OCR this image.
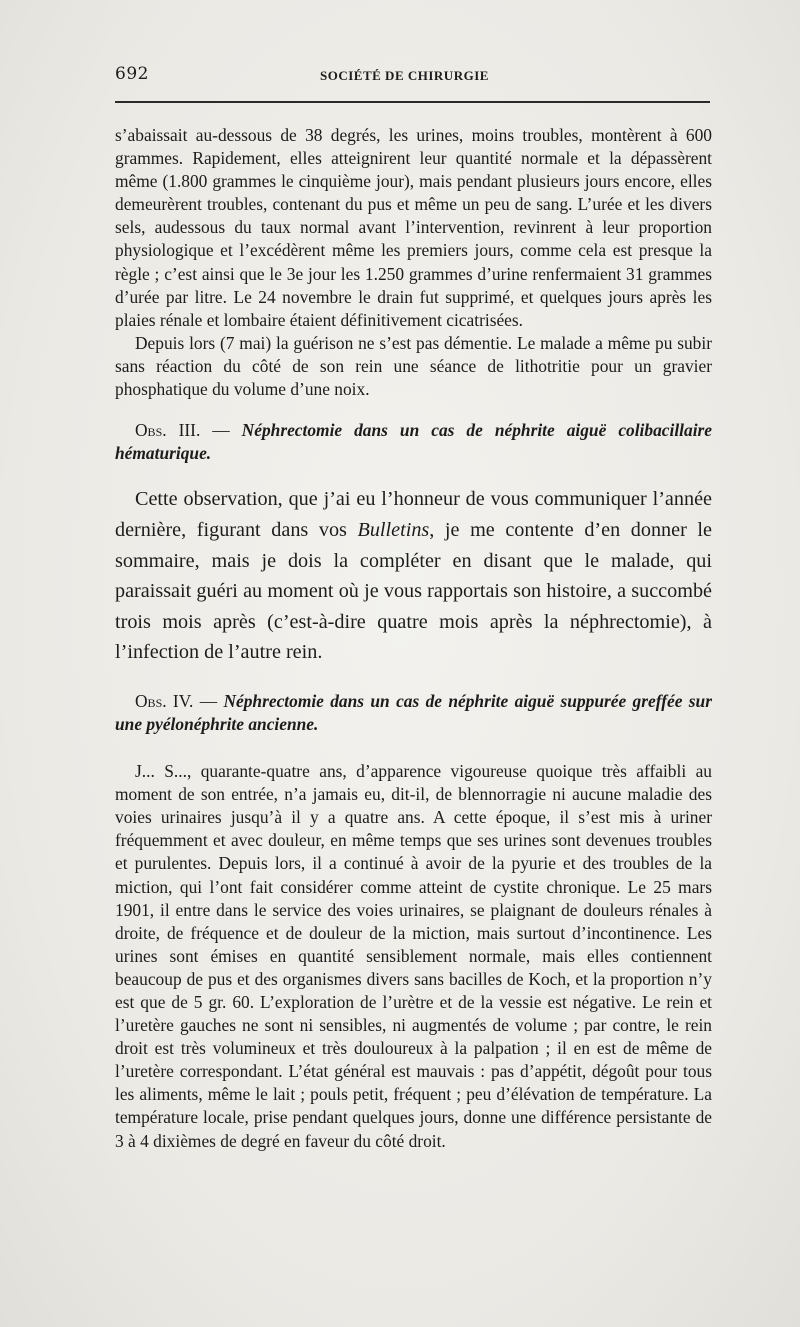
692	SOCIÉTÉ DE CHIRURGIE

s’abaissait au-dessous de 38 degrés, les urines, moins troubles, montèrent à 600 grammes. Rapidement, elles atteignirent leur quantité normale et la dépassèrent même (1.800 grammes le cinquième jour), mais pendant plusieurs jours encore, elles demeurèrent troubles, contenant du pus et même un peu de sang. L’urée et les divers sels, audessous du taux normal avant l’intervention, revinrent à leur proportion physiologique et l’excédèrent même les premiers jours, comme cela est presque la règle ; c’est ainsi que le 3e jour les 1.250 grammes d’urine renfermaient 31 grammes d’urée par litre. Le 24 novembre le drain fut supprimé, et quelques jours après les plaies rénale et lombaire étaient définitivement cicatrisées.

Depuis lors (7 mai) la guérison ne s’est pas démentie. Le malade a même pu subir sans réaction du côté de son rein une séance de lithotritie pour un gravier phosphatique du volume d’une noix.

Obs. III. — Néphrectomie dans un cas de néphrite aiguë colibacillaire hématurique.

Cette observation, que j’ai eu l’honneur de vous communiquer l’année dernière, figurant dans vos Bulletins, je me contente d’en donner le sommaire, mais je dois la compléter en disant que le malade, qui paraissait guéri au moment où je vous rapportais son histoire, a succombé trois mois après (c’est-à-dire quatre mois après la néphrectomie), à l’infection de l’autre rein.

Obs. IV. — Néphrectomie dans un cas de néphrite aiguë suppurée greffée sur une pyélonéphrite ancienne.

J... S..., quarante-quatre ans, d’apparence vigoureuse quoique très affaibli au moment de son entrée, n’a jamais eu, dit-il, de blennorragie ni aucune maladie des voies urinaires jusqu’à il y a quatre ans. A cette époque, il s’est mis à uriner fréquemment et avec douleur, en même temps que ses urines sont devenues troubles et purulentes. Depuis lors, il a continué à avoir de la pyurie et des troubles de la miction, qui l’ont fait considérer comme atteint de cystite chronique. Le 25 mars 1901, il entre dans le service des voies urinaires, se plaignant de douleurs rénales à droite, de fréquence et de douleur de la miction, mais surtout d’incontinence. Les urines sont émises en quantité sensiblement normale, mais elles contiennent beaucoup de pus et des organismes divers sans bacilles de Koch, et la proportion n’y est que de 5 gr. 60. L’exploration de l’urètre et de la vessie est négative. Le rein et l’uretère gauches ne sont ni sensibles, ni augmentés de volume ; par contre, le rein droit est très volumineux et très douloureux à la palpation ; il en est de même de l’uretère correspondant. L’état général est mauvais : pas d’appétit, dégoût pour tous les aliments, même le lait ; pouls petit, fréquent ; peu d’élévation de température. La température locale, prise pendant quelques jours, donne une différence persistante de 3 à 4 dixièmes de degré en faveur du côté droit.
